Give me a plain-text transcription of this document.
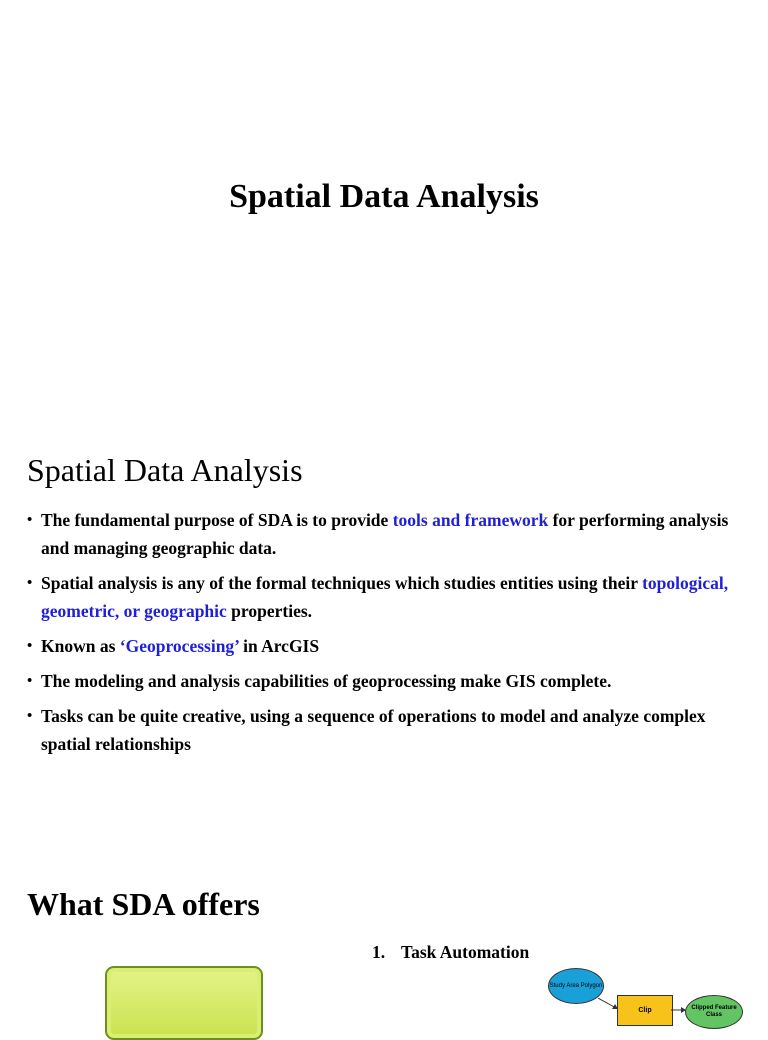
Spatial Data Analysis
Spatial Data Analysis
• The fundamental purpose of SDA is to provide tools and framework for performing analysis and managing geographic data.
• Spatial analysis is any of the formal techniques which studies entities using their topological, geometric, or geographic properties.
• Known as ‘Geoprocessing’ in ArcGIS
• The modeling and analysis capabilities of geoprocessing make GIS complete.
• Tasks can be quite creative, using a sequence of operations to model and analyze complex spatial relationships
What SDA offers
1. Task Automation
Study Area Polygon
Clip	Clipped Feature Class
